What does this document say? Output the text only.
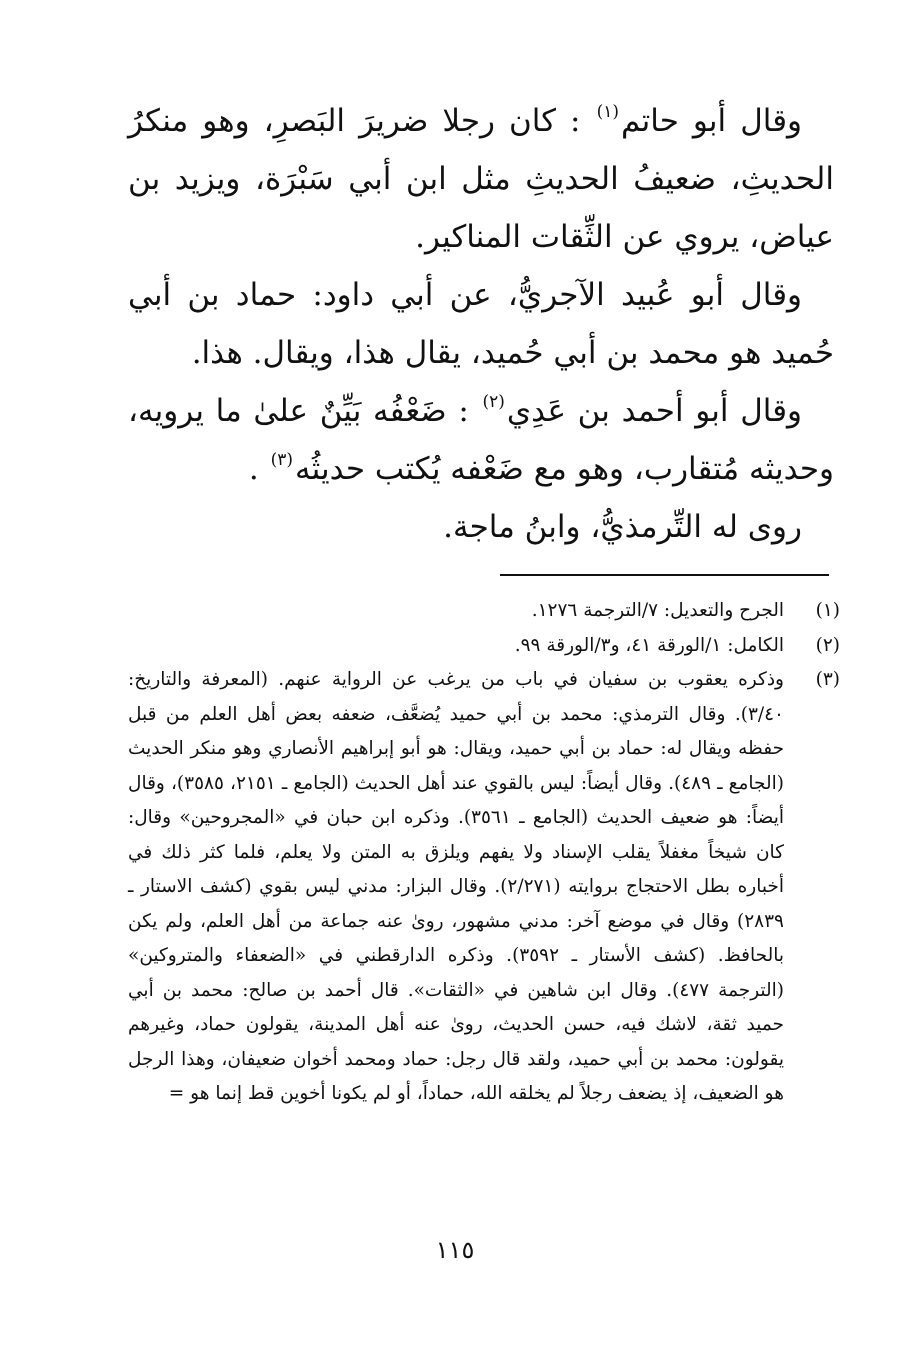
وقال أبو حاتم$^{(١)}$ : كان رجلا ضريرَ البَصرِ، وهو منكرُ الحديثِ، ضعيفُ الحديثِ مثل ابن أبي سَبْرَة، ويزيد بن عياض، يروي عن الثِّقات المناكير.

وقال أبو عُبيد الآجريُّ، عن أبي داود: حماد بن أبي حُميد هو محمد بن أبي حُميد، يقال هذا، ويقال. هذا.

وقال أبو أحمد بن عَدِي$^{(٢)}$ : ضَعْفُه بَيِّنٌ علىٰ ما يرويه، وحديثه مُتقارب، وهو مع ضَعْفه يُكتب حديثُه$^{(٣)}$ .

روى له التِّرمذيُّ، وابنُ ماجة.

(١)
الجرح والتعديل: ٧/الترجمة ١٢٧٦.
(٢)
الكامل: ١/الورقة ٤١، و٣/الورقة ٩٩.
(٣)
وذكره يعقوب بن سفيان في باب من يرغب عن الرواية عنهم. (المعرفة والتاريخ: ٣/٤٠). وقال الترمذي: محمد بن أبي حميد يُضعَّف، ضعفه بعض أهل العلم من قبل حفظه ويقال له: حماد بن أبي حميد، ويقال: هو أبو إبراهيم الأنصاري وهو منكر الحديث (الجامع ـ ٤٨٩). وقال أيضاً: ليس بالقوي عند أهل الحديث (الجامع ـ ٢١٥١، ٣٥٨٥)، وقال أيضاً: هو ضعيف الحديث (الجامع ـ ٣٥٦١). وذكره ابن حبان في «المجروحين» وقال: كان شيخاً مغفلاً يقلب الإسناد ولا يفهم ويلزق به المتن ولا يعلم، فلما كثر ذلك في أخباره بطل الاحتجاج بروايته (٢/٢٧١). وقال البزار: مدني ليس بقوي (كشف الاستار ـ ٢٨٣٩) وقال في موضع آخر: مدني مشهور، روىٰ عنه جماعة من أهل العلم، ولم يكن بالحافظ. (كشف الأستار ـ ٣٥٩٢). وذكره الدارقطني في «الضعفاء والمتروكين» (الترجمة ٤٧٧). وقال ابن شاهين في «الثقات». قال أحمد بن صالح: محمد بن أبي حميد ثقة، لاشك فيه، حسن الحديث، روىٰ عنه أهل المدينة، يقولون حماد، وغيرهم يقولون: محمد بن أبي حميد، ولقد قال رجل: حماد ومحمد أخوان ضعيفان، وهذا الرجل هو الضعيف، إذ يضعف رجلاً لم يخلقه الله، حماداً، أو لم يكونا أخوين قط إنما هو =
١١٥
